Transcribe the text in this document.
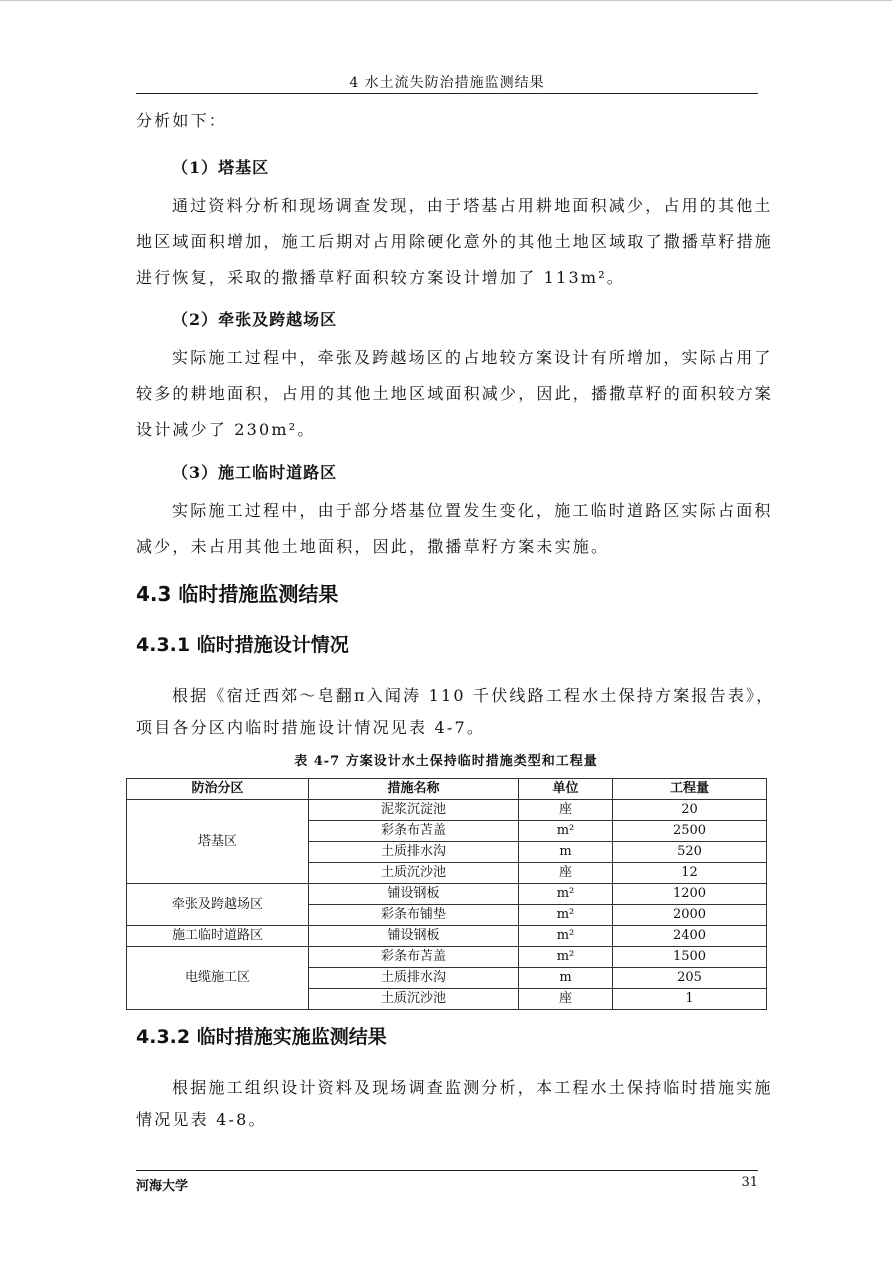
4 水土流失防治措施监测结果

分析如下：

（1）塔基区

通过资料分析和现场调查发现，由于塔基占用耕地面积减少，占用的其他土
地区域面积增加，施工后期对占用除硬化意外的其他土地区域取了撒播草籽措施
进行恢复，采取的撒播草籽面积较方案设计增加了 113m²。

（2）牵张及跨越场区

实际施工过程中，牵张及跨越场区的占地较方案设计有所增加，实际占用了
较多的耕地面积，占用的其他土地区域面积减少，因此，播撒草籽的面积较方案
设计减少了 230m²。

（3）施工临时道路区

实际施工过程中，由于部分塔基位置发生变化，施工临时道路区实际占面积
减少，未占用其他土地面积，因此，撒播草籽方案未实施。
4.3 临时措施监测结果
4.3.1 临时措施设计情况
根据《宿迁西郊～皂翻π入闻涛 110 千伏线路工程水土保持方案报告表》，
项目各分区内临时措施设计情况见表 4-7。
表 4-7 方案设计水土保持临时措施类型和工程量
防治分区	措施名称	单位	工程量
塔基区	泥浆沉淀池	座	20
	彩条布苫盖	m²	2500
	土质排水沟	m	520
	土质沉沙池	座	12
牵张及跨越场区	铺设钢板	m²	1200
	彩条布铺垫	m²	2000
施工临时道路区	铺设钢板	m²	2400
电缆施工区	彩条布苫盖	m²	1500
	土质排水沟	m	205
	土质沉沙池	座	1
4.3.2 临时措施实施监测结果
根据施工组织设计资料及现场调查监测分析，本工程水土保持临时措施实施
情况见表 4-8。
河海大学	31
